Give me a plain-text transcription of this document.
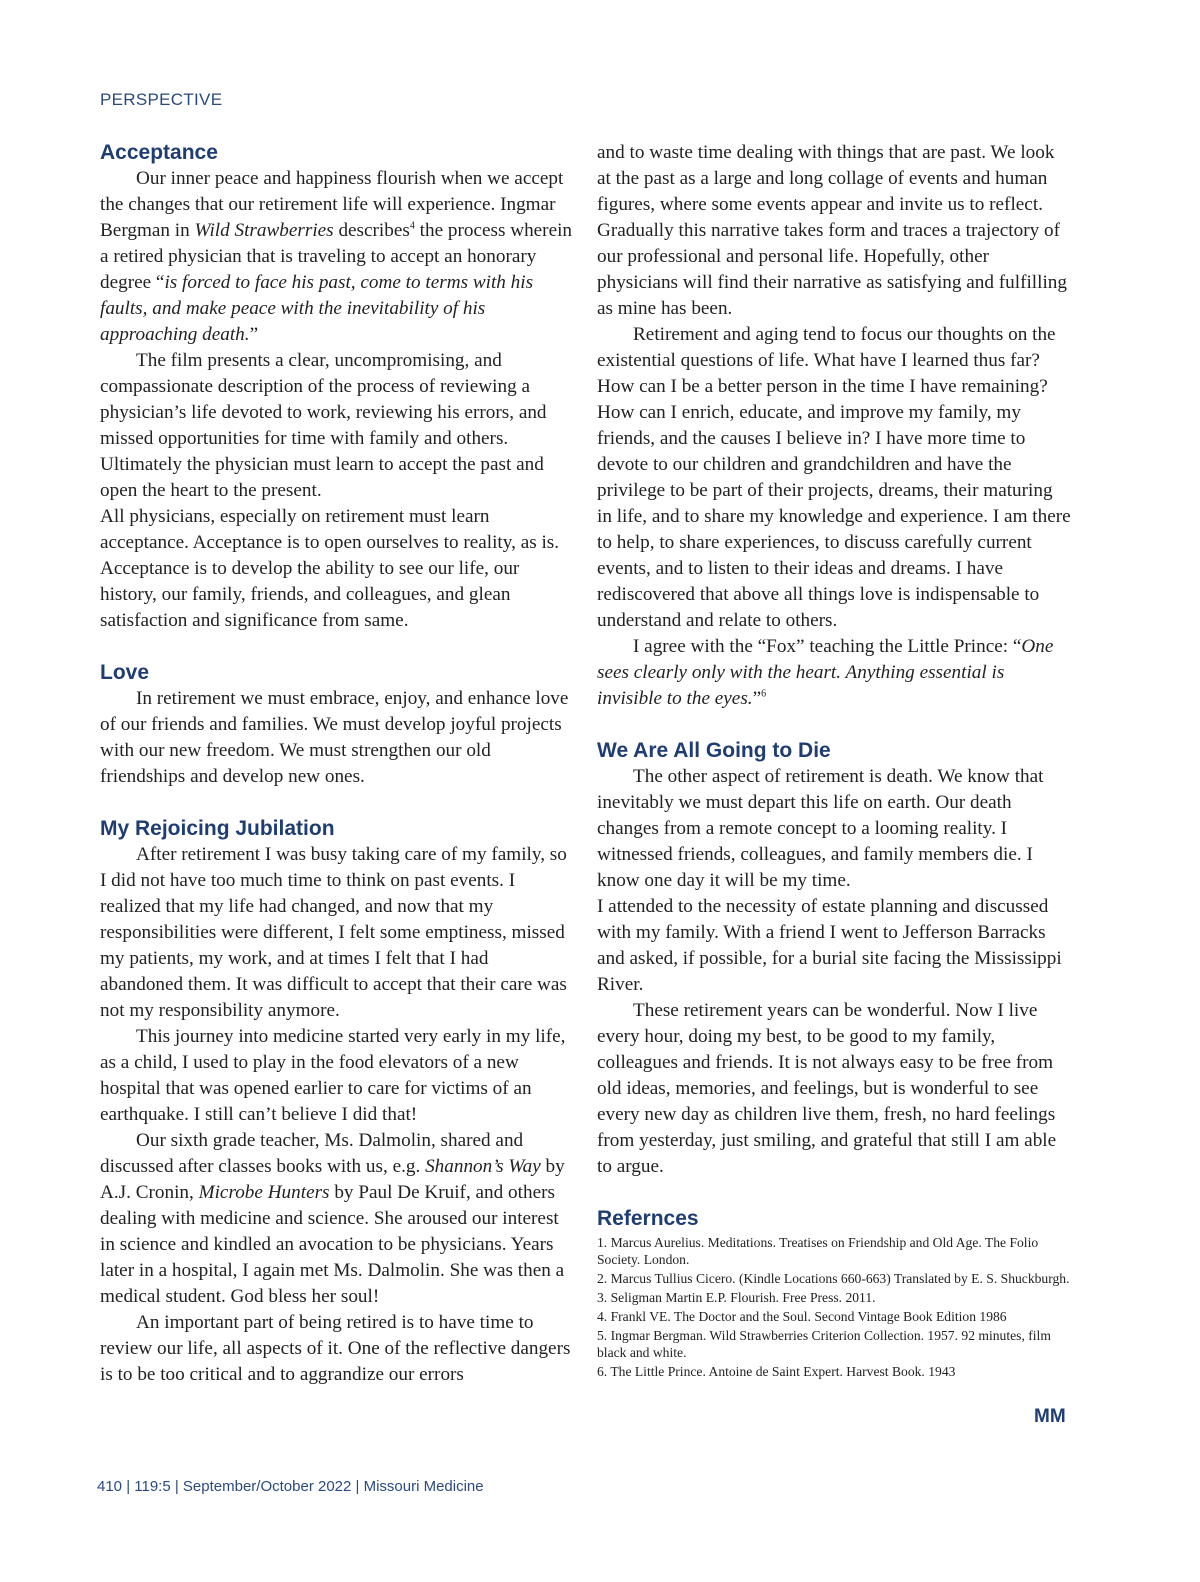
PERSPECTIVE
Acceptance

Our inner peace and happiness flourish when we accept the changes that our retirement life will experience. Ingmar Bergman in Wild Strawberries describes$^4$ the process wherein a retired physician that is traveling to accept an honorary degree “is forced to face his past, come to terms with his faults, and make peace with the inevitability of his approaching death.”

The film presents a clear, uncompromising, and compassionate description of the process of reviewing a physician’s life devoted to work, reviewing his errors, and missed opportunities for time with family and others. Ultimately the physician must learn to accept the past and open the heart to the present.

All physicians, especially on retirement must learn acceptance. Acceptance is to open ourselves to reality, as is. Acceptance is to develop the ability to see our life, our history, our family, friends, and colleagues, and glean satisfaction and significance from same.

Love

In retirement we must embrace, enjoy, and enhance love of our friends and families. We must develop joyful projects with our new freedom. We must strengthen our old friendships and develop new ones.

My Rejoicing Jubilation

After retirement I was busy taking care of my family, so I did not have too much time to think on past events. I realized that my life had changed, and now that my responsibilities were different, I felt some emptiness, missed my patients, my work, and at times I felt that I had abandoned them. It was difficult to accept that their care was not my responsibility anymore.

This journey into medicine started very early in my life, as a child, I used to play in the food elevators of a new hospital that was opened earlier to care for victims of an earthquake. I still can’t believe I did that!

Our sixth grade teacher, Ms. Dalmolin, shared and discussed after classes books with us, e.g. Shannon’s Way by A.J. Cronin, Microbe Hunters by Paul De Kruif, and others dealing with medicine and science. She aroused our interest in science and kindled an avocation to be physicians. Years later in a hospital, I again met Ms. Dalmolin. She was then a medical student. God bless her soul!

An important part of being retired is to have time to review our life, all aspects of it. One of the reflective dangers is to be too critical and to aggrandize our errors

and to waste time dealing with things that are past. We look at the past as a large and long collage of events and human figures, where some events appear and invite us to reflect. Gradually this narrative takes form and traces a trajectory of our professional and personal life. Hopefully, other physicians will find their narrative as satisfying and fulfilling as mine has been.

Retirement and aging tend to focus our thoughts on the existential questions of life. What have I learned thus far? How can I be a better person in the time I have remaining? How can I enrich, educate, and improve my family, my friends, and the causes I believe in? I have more time to devote to our children and grandchildren and have the privilege to be part of their projects, dreams, their maturing in life, and to share my knowledge and experience. I am there to help, to share experiences, to discuss carefully current events, and to listen to their ideas and dreams. I have rediscovered that above all things love is indispensable to understand and relate to others.

I agree with the “Fox” teaching the Little Prince: “One sees clearly only with the heart. Anything essential is invisible to the eyes.”$^6$

We Are All Going to Die

The other aspect of retirement is death. We know that inevitably we must depart this life on earth. Our death changes from a remote concept to a looming reality. I witnessed friends, colleagues, and family members die. I know one day it will be my time.

I attended to the necessity of estate planning and discussed with my family. With a friend I went to Jefferson Barracks and asked, if possible, for a burial site facing the Mississippi River.

These retirement years can be wonderful. Now I live every hour, doing my best, to be good to my family, colleagues and friends. It is not always easy to be free from old ideas, memories, and feelings, but is wonderful to see every new day as children live them, fresh, no hard feelings from yesterday, just smiling, and grateful that still I am able to argue.

Refernces
1. Marcus Aurelius. Meditations. Treatises on Friendship and Old Age. The Folio Society. London.
2. Marcus Tullius Cicero. (Kindle Locations 660-663) Translated by E. S. Shuckburgh.
3. Seligman Martin E.P. Flourish. Free Press. 2011.
4. Frankl VE. The Doctor and the Soul. Second Vintage Book Edition 1986
5. Ingmar Bergman. Wild Strawberries Criterion Collection. 1957. 92 minutes, film black and white.
6. The Little Prince. Antoine de Saint Expert. Harvest Book. 1943
MM
410 | 119:5 | September/October 2022 | Missouri Medicine
